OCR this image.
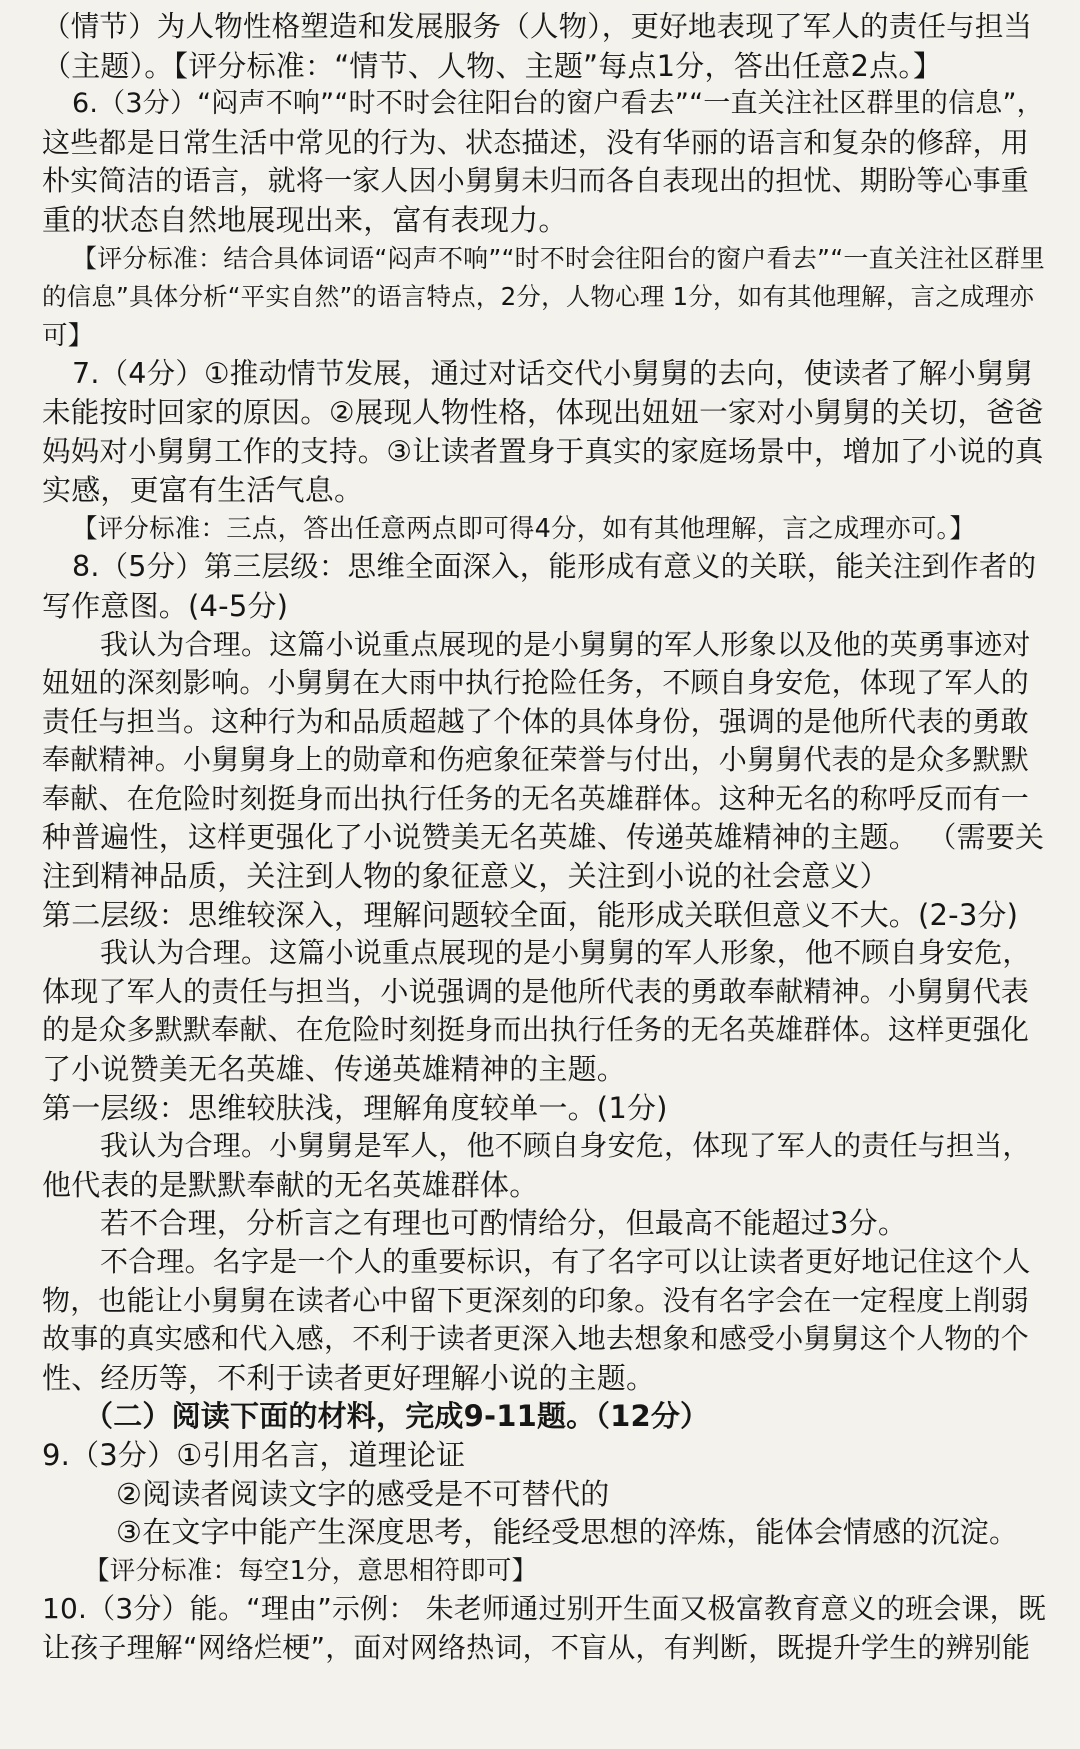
（情节）为人物性格塑造和发展服务（人物），更好地表现了军人的责任与担当
（主题）。【评分标准：“情节、人物、主题”每点1分，答出任意2点。】
6.（3分）“闷声不响”“时不时会往阳台的窗户看去”“一直关注社区群里的信息”，
这些都是日常生活中常见的行为、状态描述，没有华丽的语言和复杂的修辞，用
朴实简洁的语言，就将一家人因小舅舅未归而各自表现出的担忧、期盼等心事重
重的状态自然地展现出来，富有表现力。
【评分标准：结合具体词语“闷声不响”“时不时会往阳台的窗户看去”“一直关注社区群里
的信息”具体分析“平实自然”的语言特点，2分，人物心理 1分，如有其他理解，言之成理亦
可】
7.（4分）①推动情节发展，通过对话交代小舅舅的去向，使读者了解小舅舅
未能按时回家的原因。②展现人物性格，体现出妞妞一家对小舅舅的关切，爸爸
妈妈对小舅舅工作的支持。③让读者置身于真实的家庭场景中，增加了小说的真
实感，更富有生活气息。
【评分标准：三点，答出任意两点即可得4分，如有其他理解，言之成理亦可。】
8.（5分）第三层级：思维全面深入，能形成有意义的关联，能关注到作者的
写作意图。(4-5分)
我认为合理。这篇小说重点展现的是小舅舅的军人形象以及他的英勇事迹对
妞妞的深刻影响。小舅舅在大雨中执行抢险任务，不顾自身安危，体现了军人的
责任与担当。这种行为和品质超越了个体的具体身份，强调的是他所代表的勇敢
奉献精神。小舅舅身上的勋章和伤疤象征荣誉与付出，小舅舅代表的是众多默默
奉献、在危险时刻挺身而出执行任务的无名英雄群体。这种无名的称呼反而有一
种普遍性，这样更强化了小说赞美无名英雄、传递英雄精神的主题。 （需要关
注到精神品质，关注到人物的象征意义，关注到小说的社会意义）
第二层级：思维较深入，理解问题较全面，能形成关联但意义不大。(2-3分)
我认为合理。这篇小说重点展现的是小舅舅的军人形象，他不顾自身安危，
体现了军人的责任与担当，小说强调的是他所代表的勇敢奉献精神。小舅舅代表
的是众多默默奉献、在危险时刻挺身而出执行任务的无名英雄群体。这样更强化
了小说赞美无名英雄、传递英雄精神的主题。
第一层级：思维较肤浅，理解角度较单一。(1分)
我认为合理。小舅舅是军人，他不顾自身安危，体现了军人的责任与担当，
他代表的是默默奉献的无名英雄群体。
若不合理，分析言之有理也可酌情给分，但最高不能超过3分。
不合理。名字是一个人的重要标识，有了名字可以让读者更好地记住这个人
物，也能让小舅舅在读者心中留下更深刻的印象。没有名字会在一定程度上削弱
故事的真实感和代入感，不利于读者更深入地去想象和感受小舅舅这个人物的个
性、经历等，不利于读者更好理解小说的主题。
（二）阅读下面的材料，完成9-11题。（12分）
9.（3分）①引用名言，道理论证
②阅读者阅读文字的感受是不可替代的
③在文字中能产生深度思考，能经受思想的淬炼，能体会情感的沉淀。
【评分标准：每空1分，意思相符即可】
10.（3分）能。“理由”示例： 朱老师通过别开生面又极富教育意义的班会课，既
让孩子理解“网络烂梗”，面对网络热词，不盲从，有判断，既提升学生的辨别能
